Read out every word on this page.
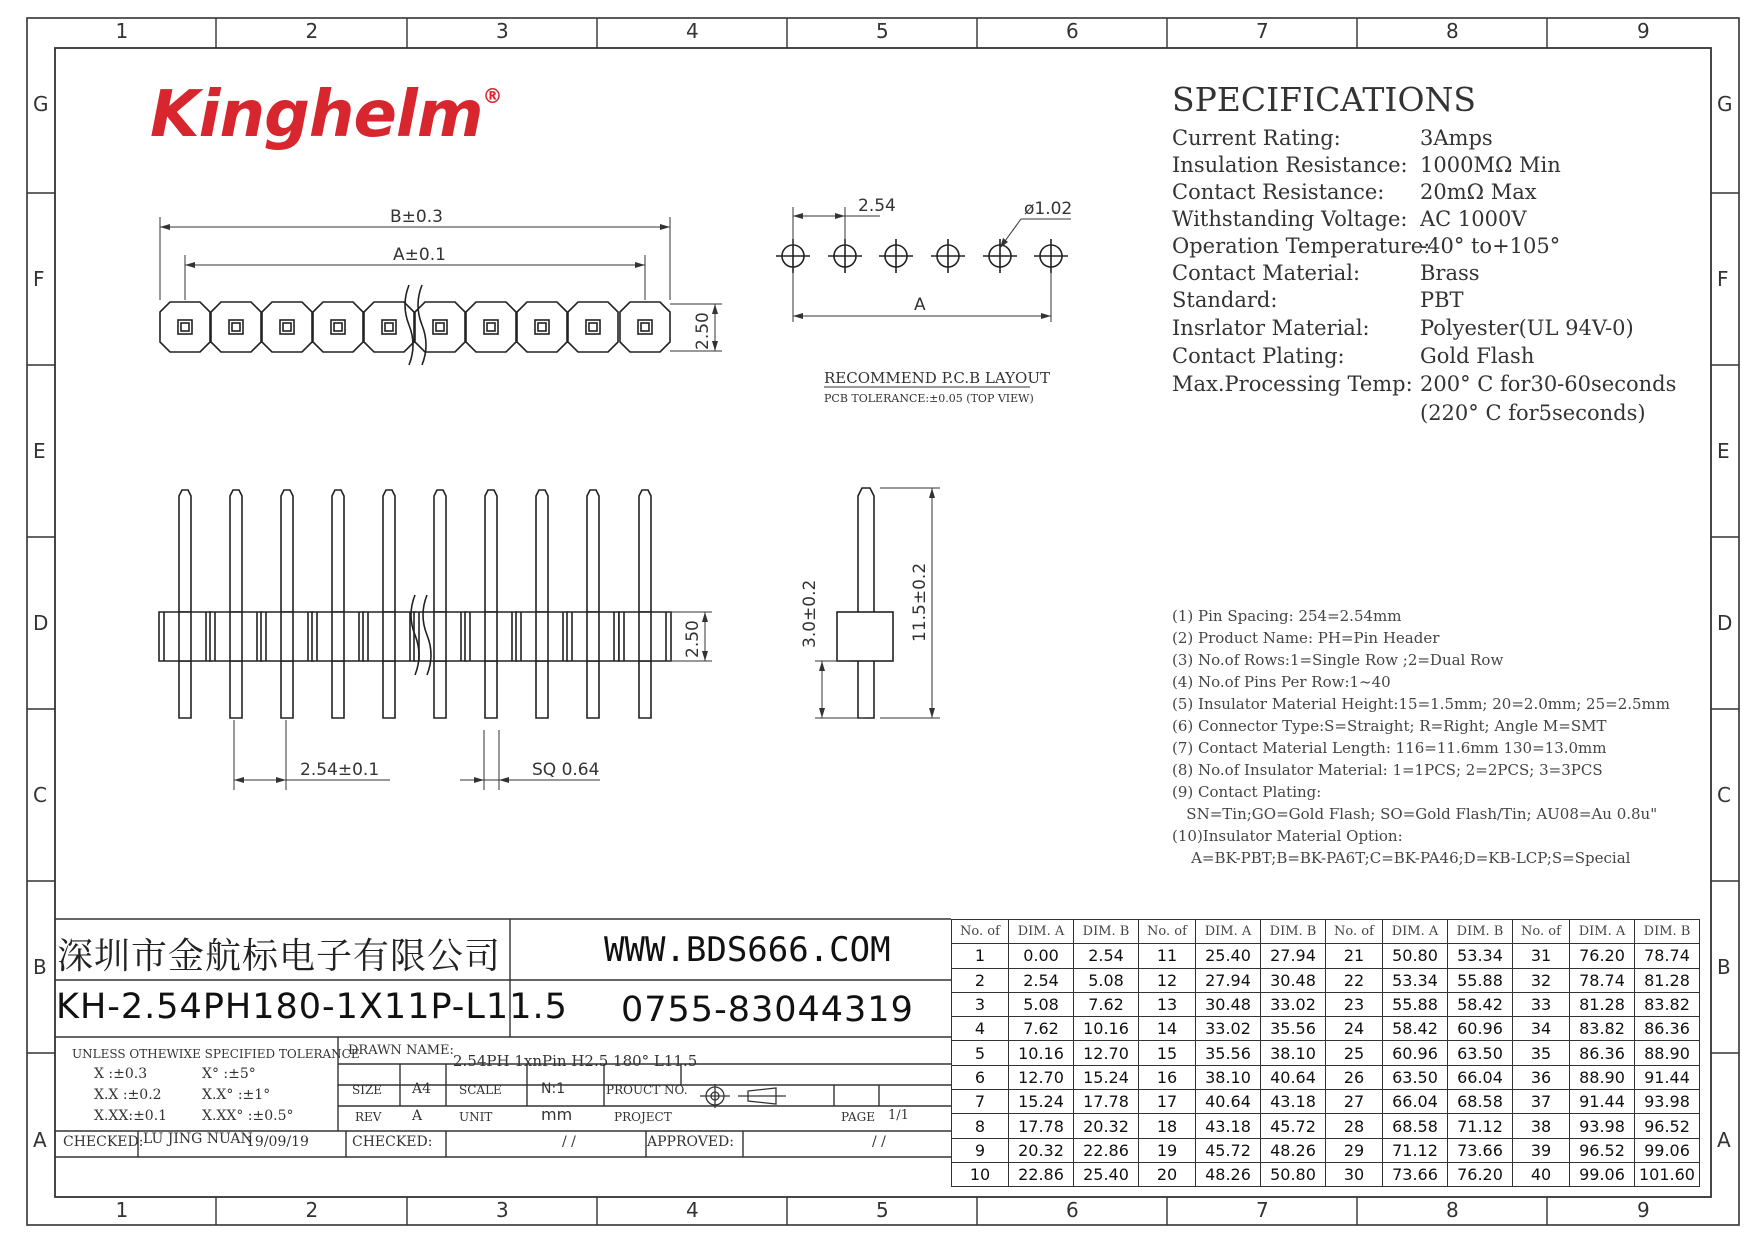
1
1
2
2
3
3
4
4
5
5
6
6
7
7
8
8
9
9
G	G
F	F
E	E
D	D
C	C
B	B
A	A
Kinghelm®
B±0.3
A±0.1
2.50
2.54	ø1.02
A
RECOMMEND P.C.B LAYOUT
PCB TOLERANCE:±0.05 (TOP VIEW)
2.50
2.54±0.1	SQ 0.64
3.0±0.2	11.5±0.2
SPECIFICATIONS
Current Rating:	3Amps
Insulation Resistance: 1000MΩ Min
Contact Resistance: 20mΩ Max
Withstanding Voltage: AC 1000V
Operation Temperature:-40° to+105°
Contact Material:	Brass
Standard:	PBT
Insrlator Material: Polyester(UL 94V-0)
Contact Plating:	Gold Flash
Max.Processing Temp: 200° C for30-60seconds
(220° C for5seconds)
(1) Pin Spacing: 254=2.54mm
(2) Product Name: PH=Pin Header
(3) No.of Rows:1=Single Row ;2=Dual Row
(4) No.of Pins Per Row:1~40
(5) Insulator Material Height:15=1.5mm; 20=2.0mm; 25=2.5mm
(6) Connector Type:S=Straight; R=Right; Angle M=SMT
(7) Contact Material Length: 116=11.6mm 130=13.0mm
(8) No.of Insulator Material: 1=1PCS; 2=2PCS; 3=3PCS
(9) Contact Plating:
SN=Tin;GO=Gold Flash; SO=Gold Flash/Tin; AU08=Au 0.8u"
(10)Insulator Material Option:
A=BK-PBT;B=BK-PA6T;C=BK-PA46;D=KB-LCP;S=Special
深圳市金航标电子有限公司	WWW.BDS666.COM
KH-2.54PH180-1X11P-L11.5 0755-83044319
UNLESS OTHEWIXE SPECIFIED TOLERANCE
X :±0.3
X.X :±0.2
X.XX:±0.1
X° :±5°
X.X° :±1°
X.XX° :±0.5°
DRAWN NAME:
2.54PH 1xnPin H2.5 180° L11.5
SIZE A4 SCALE	N:1	PROUCT NO.
REV A	UNIT	mm	PROJECT	PAGE 1/1
CHECKED: LU JING NUAN
19/09/19	CHECKED:	/ /	APPROVED:	/ /
No. of	DIM. A	DIM. B	No. of	DIM. A	DIM. B	No. of	DIM. A	DIM. B	No. of	DIM. A	DIM. B
1	0.00	2.54	11	25.40	27.94	21	50.80	53.34	31	76.20	78.74
2	2.54	5.08	12	27.94	30.48	22	53.34	55.88	32	78.74	81.28
3	5.08	7.62	13	30.48	33.02	23	55.88	58.42	33	81.28	83.82
4	7.62	10.16	14	33.02	35.56	24	58.42	60.96	34	83.82	86.36
5	10.16	12.70	15	35.56	38.10	25	60.96	63.50	35	86.36	88.90
6	12.70	15.24	16	38.10	40.64	26	63.50	66.04	36	88.90	91.44
7	15.24	17.78	17	40.64	43.18	27	66.04	68.58	37	91.44	93.98
8	17.78	20.32	18	43.18	45.72	28	68.58	71.12	38	93.98	96.52
9	20.32	22.86	19	45.72	48.26	29	71.12	73.66	39	96.52	99.06
10	22.86	25.40	20	48.26	50.80	30	73.66	76.20	40	99.06	101.60
